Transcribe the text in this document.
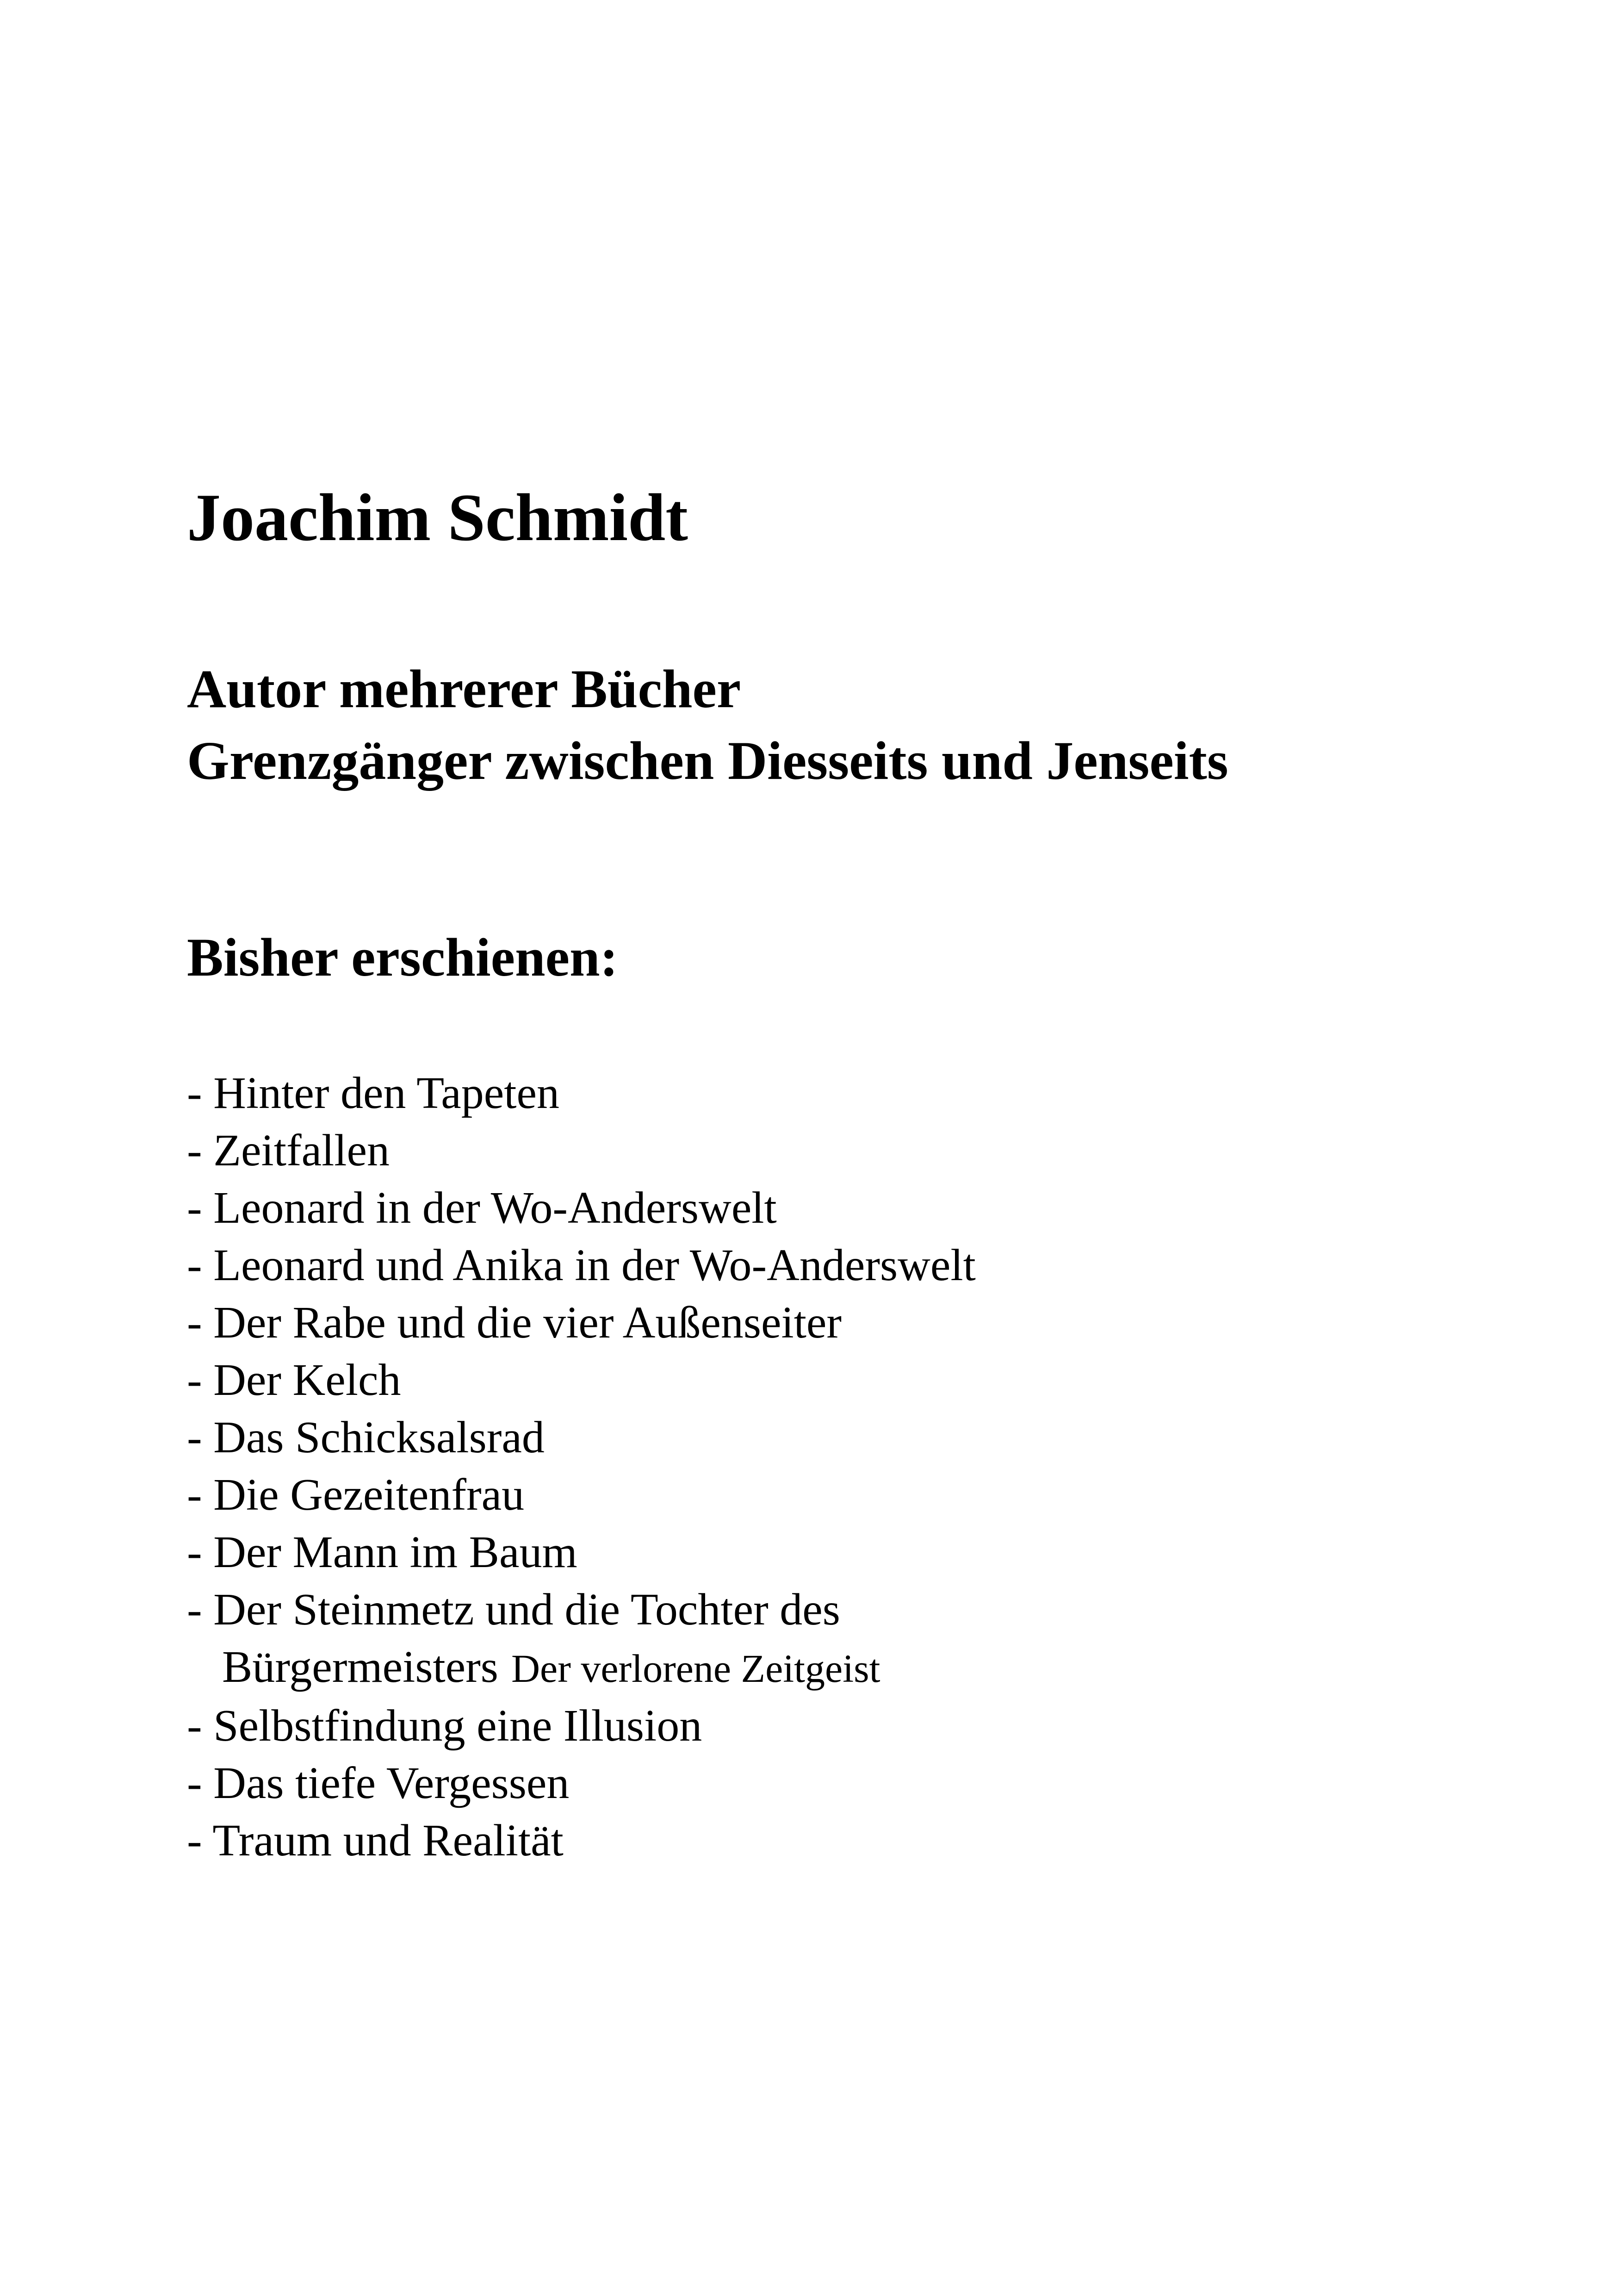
Joachim Schmidt
Autor mehrerer Bücher
Grenzgänger zwischen Diesseits und Jenseits
Bisher erschienen:
- Hinter den Tapeten
- Zeitfallen
- Leonard in der Wo-Anderswelt
- Leonard und Anika in der Wo-Anderswelt
- Der Rabe und die vier Außenseiter
- Der Kelch
- Das Schicksalsrad
- Die Gezeitenfrau
- Der Mann im Baum
- Der Steinmetz und die Tochter des
Bürgermeisters Der verlorene Zeitgeist
- Selbstfindung eine Illusion
- Das tiefe Vergessen
- Traum und Realität
